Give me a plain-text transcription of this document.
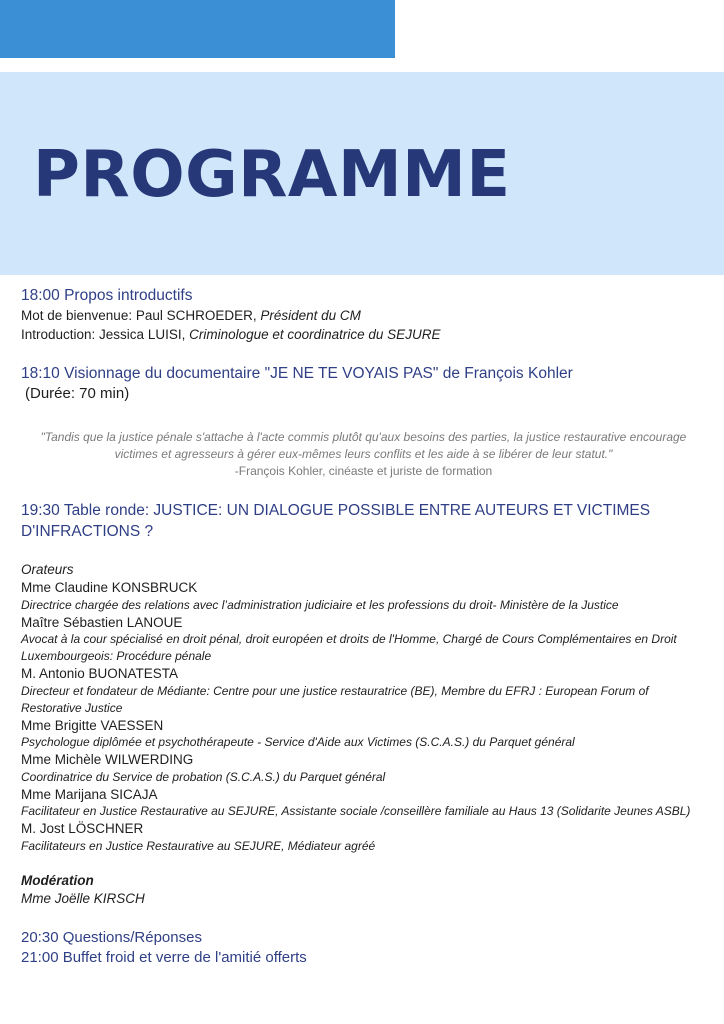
PROGRAMME

18:00 Propos introductifs

Mot de bienvenue: Paul SCHROEDER, Président du CM

Introduction: Jessica LUISI, Criminologue et coordinatrice du SEJURE

18:10 Visionnage du documentaire "JE NE TE VOYAIS PAS" de François Kohler

(Durée: 70 min)

"Tandis que la justice pénale s'attache à l'acte commis plutôt qu'aux besoins des parties, la justice restaurative encourage victimes et agresseurs à gérer eux-mêmes leurs conflits et les aide à se libérer de leur statut."
-François Kohler, cinéaste et juriste de formation

19:30 Table ronde: JUSTICE: UN DIALOGUE POSSIBLE ENTRE AUTEURS ET VICTIMES D'INFRACTIONS ?

Orateurs

Mme Claudine KONSBRUCK

Directrice chargée des relations avec l’administration judiciaire et les professions du droit- Ministère de la Justice

Maître Sébastien LANOUE

Avocat à la cour spécialisé en droit pénal, droit européen et droits de l'Homme, Chargé de Cours Complémentaires en Droit Luxembourgeois: Procédure pénale

M. Antonio BUONATESTA

Directeur et fondateur de Médiante: Centre pour une justice restauratrice (BE), Membre du EFRJ : European Forum of Restorative Justice

Mme Brigitte VAESSEN

Psychologue diplômée et psychothérapeute - Service d'Aide aux Victimes (S.C.A.S.) du Parquet général

Mme Michèle WILWERDING

Coordinatrice du Service de probation (S.C.A.S.) du Parquet général

Mme Marijana SICAJA

Facilitateur en Justice Restaurative au SEJURE, Assistante sociale /conseillère familiale au Haus 13 (Solidarite Jeunes ASBL)

M. Jost LÖSCHNER

Facilitateurs en Justice Restaurative au SEJURE, Médiateur agréé

Modération

Mme Joëlle KIRSCH

20:30 Questions/Réponses

21:00 Buffet froid et verre de l'amitié offerts
